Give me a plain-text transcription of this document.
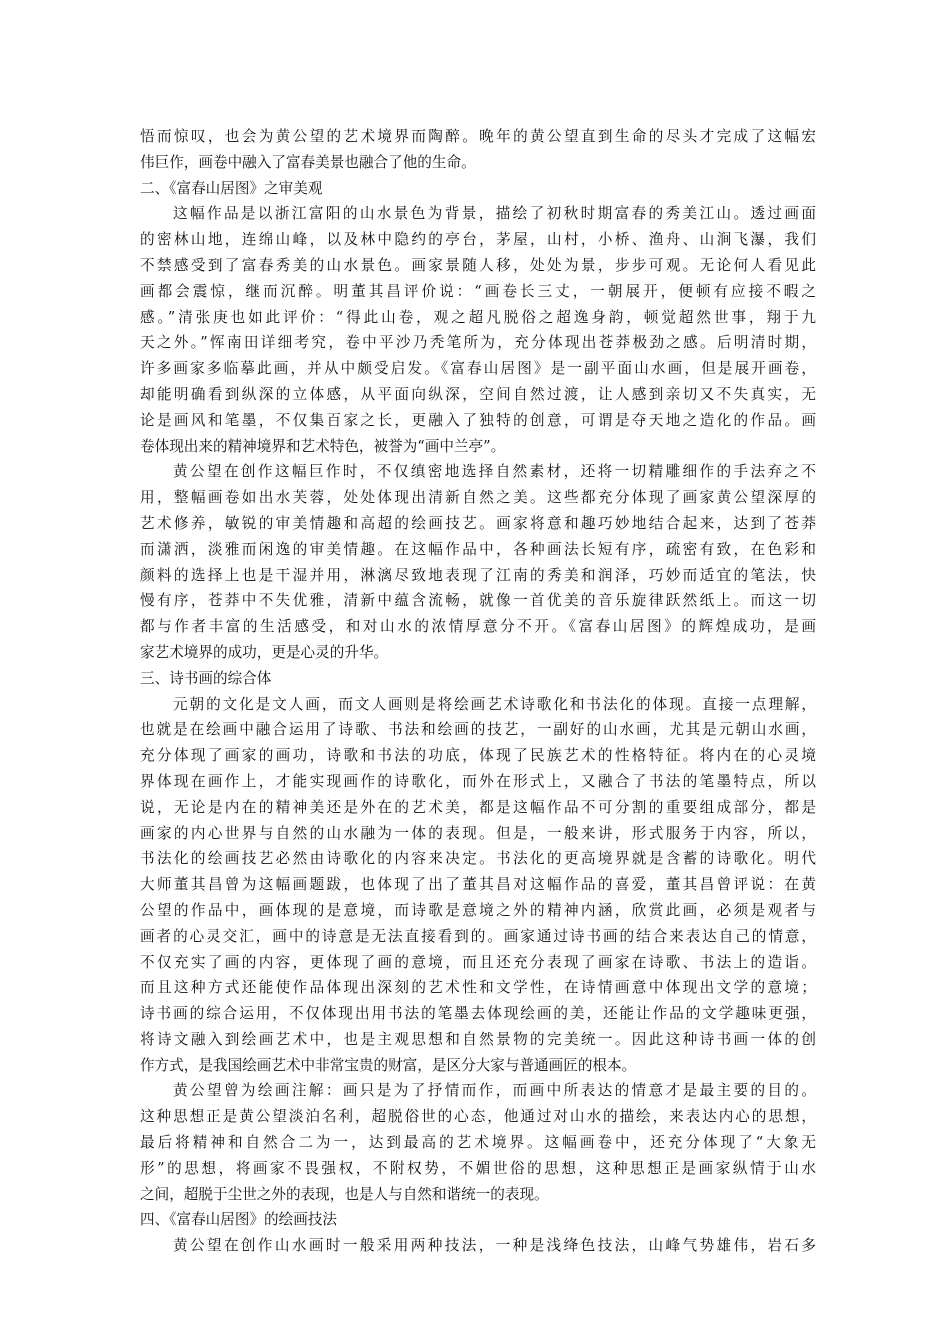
悟而惊叹，也会为黄公望的艺术境界而陶醉。晚年的黄公望直到生命的尽头才完成了这幅宏
伟巨作，画卷中融入了富春美景也融合了他的生命。
二、《富春山居图》之审美观
这幅作品是以浙江富阳的山水景色为背景，描绘了初秋时期富春的秀美江山。透过画面
的密林山地，连绵山峰，以及林中隐约的亭台，茅屋，山村，小桥、渔舟、山涧飞瀑，我们
不禁感受到了富春秀美的山水景色。画家景随人移，处处为景，步步可观。无论何人看见此
画都会震惊，继而沉醉。明董其昌评价说：“画卷长三丈，一朝展开，便顿有应接不暇之
感。”清张庚也如此评价：“得此山卷，观之超凡脱俗之超逸身韵，顿觉超然世事，翔于九
天之外。”恽南田详细考究，卷中平沙乃秃笔所为，充分体现出苍莽极劲之感。后明清时期，
许多画家多临摹此画，并从中颇受启发。《富春山居图》是一副平面山水画，但是展开画卷，
却能明确看到纵深的立体感，从平面向纵深，空间自然过渡，让人感到亲切又不失真实，无
论是画风和笔墨，不仅集百家之长，更融入了独特的创意，可谓是夺天地之造化的作品。画
卷体现出来的精神境界和艺术特色，被誉为“画中兰亭”。
黄公望在创作这幅巨作时，不仅缜密地选择自然素材，还将一切精雕细作的手法弃之不
用，整幅画卷如出水芙蓉，处处体现出清新自然之美。这些都充分体现了画家黄公望深厚的
艺术修养，敏锐的审美情趣和高超的绘画技艺。画家将意和趣巧妙地结合起来，达到了苍莽
而潇洒，淡雅而闲逸的审美情趣。在这幅作品中，各种画法长短有序，疏密有致，在色彩和
颜料的选择上也是干湿并用，淋漓尽致地表现了江南的秀美和润泽，巧妙而适宜的笔法，快
慢有序，苍莽中不失优雅，清新中蕴含流畅，就像一首优美的音乐旋律跃然纸上。而这一切
都与作者丰富的生活感受，和对山水的浓情厚意分不开。《富春山居图》的辉煌成功，是画
家艺术境界的成功，更是心灵的升华。
三、诗书画的综合体
元朝的文化是文人画，而文人画则是将绘画艺术诗歌化和书法化的体现。直接一点理解，
也就是在绘画中融合运用了诗歌、书法和绘画的技艺，一副好的山水画，尤其是元朝山水画，
充分体现了画家的画功，诗歌和书法的功底，体现了民族艺术的性格特征。将内在的心灵境
界体现在画作上，才能实现画作的诗歌化，而外在形式上，又融合了书法的笔墨特点，所以
说，无论是内在的精神美还是外在的艺术美，都是这幅作品不可分割的重要组成部分，都是
画家的内心世界与自然的山水融为一体的表现。但是，一般来讲，形式服务于内容，所以，
书法化的绘画技艺必然由诗歌化的内容来决定。书法化的更高境界就是含蓄的诗歌化。明代
大师董其昌曾为这幅画题跋，也体现了出了董其昌对这幅作品的喜爱，董其昌曾评说：在黄
公望的作品中，画体现的是意境，而诗歌是意境之外的精神内涵，欣赏此画，必须是观者与
画者的心灵交汇，画中的诗意是无法直接看到的。画家通过诗书画的结合来表达自己的情意，
不仅充实了画的内容，更体现了画的意境，而且还充分表现了画家在诗歌、书法上的造诣。
而且这种方式还能使作品体现出深刻的艺术性和文学性，在诗情画意中体现出文学的意境；
诗书画的综合运用，不仅体现出用书法的笔墨去体现绘画的美，还能让作品的文学趣味更强，
将诗文融入到绘画艺术中，也是主观思想和自然景物的完美统一。因此这种诗书画一体的创
作方式，是我国绘画艺术中非常宝贵的财富，是区分大家与普通画匠的根本。
黄公望曾为绘画注解：画只是为了抒情而作，而画中所表达的情意才是最主要的目的。
这种思想正是黄公望淡泊名利，超脱俗世的心态，他通过对山水的描绘，来表达内心的思想，
最后将精神和自然合二为一，达到最高的艺术境界。这幅画卷中，还充分体现了“大象无
形”的思想，将画家不畏强权，不附权势，不媚世俗的思想，这种思想正是画家纵情于山水
之间，超脱于尘世之外的表现，也是人与自然和谐统一的表现。
四、《富春山居图》的绘画技法
黄公望在创作山水画时一般采用两种技法，一种是浅绛色技法，山峰气势雄伟，岩石多
